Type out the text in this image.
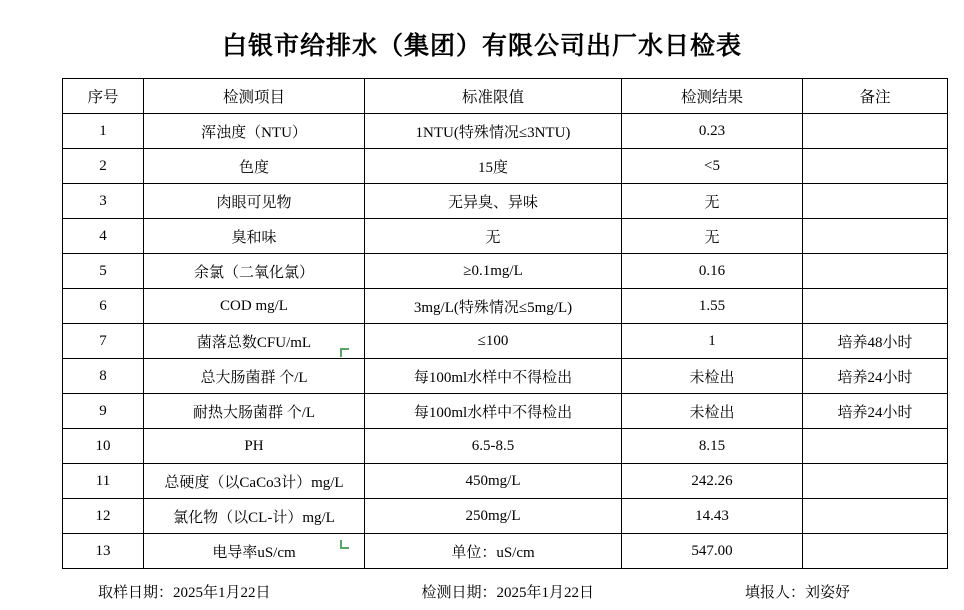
白银市给排水（集团）有限公司出厂水日检表
序号	检测项目	标准限值	检测结果	备注
1	浑浊度（NTU）	1NTU(特殊情况≤3NTU)	0.23	
2	色度	15度	<5	
3	肉眼可见物	无异臭、异味	无	
4	臭和味	无	无	
5	余氯（二氧化氯）	≥0.1mg/L	0.16	
6	COD mg/L	3mg/L(特殊情况≤5mg/L)	1.55	
7	菌落总数CFU/mL	≤100	1	培养48小时
8	总大肠菌群 个/L	每100ml水样中不得检出	未检出	培养24小时
9	耐热大肠菌群 个/L	每100ml水样中不得检出	未检出	培养24小时
10	PH	6.5-8.5	8.15	
11	总硬度（以CaCo3计）mg/L	450mg/L	242.26	
12	氯化物（以CL-计）mg/L	250mg/L	14.43	
13	电导率uS/cm	单位：uS/cm	547.00	
取样日期：2025年1月22日	检测日期：2025年1月22日	填报人：刘姿妤
